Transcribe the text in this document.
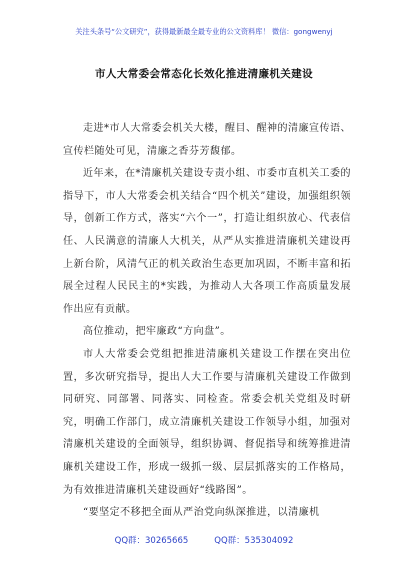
关注头条号“公文研究”，获得最新最全最专业的公文资料库！ 微信：gongwenyj
市人大常委会常态化长效化推进清廉机关建设

走进*市人大常委会机关大楼，醒目、醒神的清廉宣传语、宣传栏随处可见，清廉之香芬芳馥郁。

近年来，在*清廉机关建设专责小组、市委市直机关工委的指导下，市人大常委会机关结合“四个机关”建设，加强组织领导，创新工作方式，落实“六个一”，打造让组织放心、代表信任、人民满意的清廉人大机关，从严从实推进清廉机关建设再上新台阶，风清气正的机关政治生态更加巩固，不断丰富和拓展全过程人民民主的*实践，为推动人大各项工作高质量发展作出应有贡献。

高位推动，把牢廉政“方向盘”。

市人大常委会党组把推进清廉机关建设工作摆在突出位置，多次研究指导，提出人大工作要与清廉机关建设工作做到同研究、同部署、同落实、同检查。常委会机关党组及时研究，明确工作部门，成立清廉机关建设工作领导小组，加强对清廉机关建设的全面领导，组织协调、督促指导和统筹推进清廉机关建设工作，形成一级抓一级、层层抓落实的工作格局，为有效推进清廉机关建设画好“线路图”。

“要坚定不移把全面从严治党向纵深推进，以清廉机

QQ群：30265665	QQ群：535304092
